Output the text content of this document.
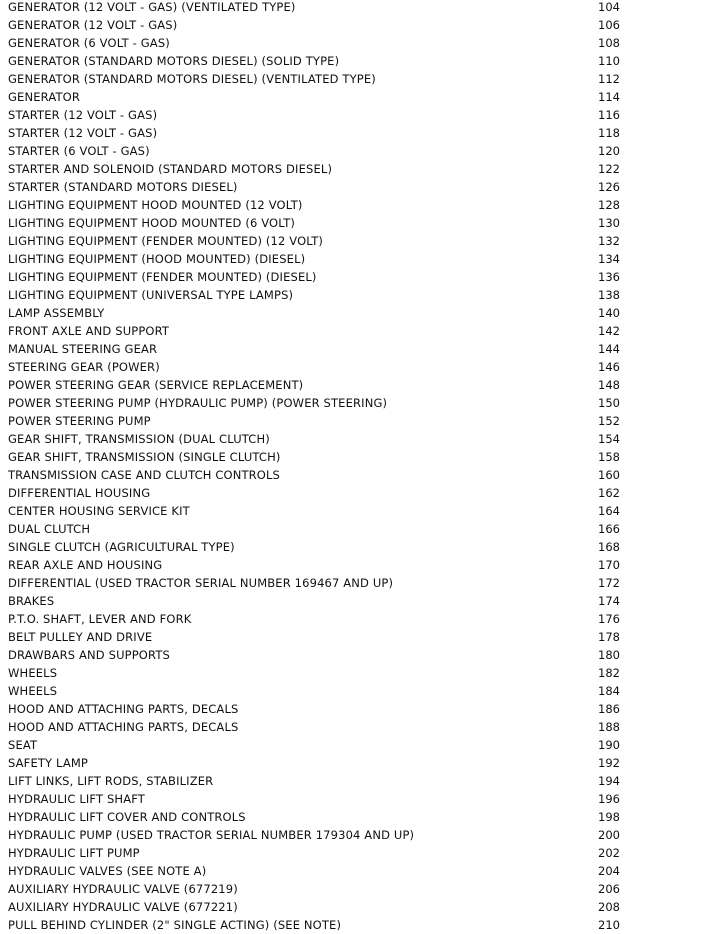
GENERATOR (12 VOLT - GAS) (VENTILATED TYPE)	104
GENERATOR (12 VOLT - GAS)	106
GENERATOR (6 VOLT - GAS)	108
GENERATOR (STANDARD MOTORS DIESEL) (SOLID TYPE)	110
GENERATOR (STANDARD MOTORS DIESEL) (VENTILATED TYPE)	112
GENERATOR	114
STARTER (12 VOLT - GAS)	116
STARTER (12 VOLT - GAS)	118
STARTER (6 VOLT - GAS)	120
STARTER AND SOLENOID (STANDARD MOTORS DIESEL)	122
STARTER (STANDARD MOTORS DIESEL)	126
LIGHTING EQUIPMENT HOOD MOUNTED (12 VOLT)	128
LIGHTING EQUIPMENT HOOD MOUNTED (6 VOLT)	130
LIGHTING EQUIPMENT (FENDER MOUNTED) (12 VOLT)	132
LIGHTING EQUIPMENT (HOOD MOUNTED) (DIESEL)	134
LIGHTING EQUIPMENT (FENDER MOUNTED) (DIESEL)	136
LIGHTING EQUIPMENT (UNIVERSAL TYPE LAMPS)	138
LAMP ASSEMBLY	140
FRONT AXLE AND SUPPORT	142
MANUAL STEERING GEAR	144
STEERING GEAR (POWER)	146
POWER STEERING GEAR (SERVICE REPLACEMENT)	148
POWER STEERING PUMP (HYDRAULIC PUMP) (POWER STEERING)	150
POWER STEERING PUMP	152
GEAR SHIFT, TRANSMISSION (DUAL CLUTCH)	154
GEAR SHIFT, TRANSMISSION (SINGLE CLUTCH)	158
TRANSMISSION CASE AND CLUTCH CONTROLS	160
DIFFERENTIAL HOUSING	162
CENTER HOUSING SERVICE KIT	164
DUAL CLUTCH	166
SINGLE CLUTCH (AGRICULTURAL TYPE)	168
REAR AXLE AND HOUSING	170
DIFFERENTIAL (USED TRACTOR SERIAL NUMBER 169467 AND UP)	172
BRAKES	174
P.T.O. SHAFT, LEVER AND FORK	176
BELT PULLEY AND DRIVE	178
DRAWBARS AND SUPPORTS	180
WHEELS	182
WHEELS	184
HOOD AND ATTACHING PARTS, DECALS	186
HOOD AND ATTACHING PARTS, DECALS	188
SEAT	190
SAFETY LAMP	192
LIFT LINKS, LIFT RODS, STABILIZER	194
HYDRAULIC LIFT SHAFT	196
HYDRAULIC LIFT COVER AND CONTROLS	198
HYDRAULIC PUMP (USED TRACTOR SERIAL NUMBER 179304 AND UP)	200
HYDRAULIC LIFT PUMP	202
HYDRAULIC VALVES (SEE NOTE A)	204
AUXILIARY HYDRAULIC VALVE (677219)	206
AUXILIARY HYDRAULIC VALVE (677221)	208
PULL BEHIND CYLINDER (2" SINGLE ACTING) (SEE NOTE)	210
